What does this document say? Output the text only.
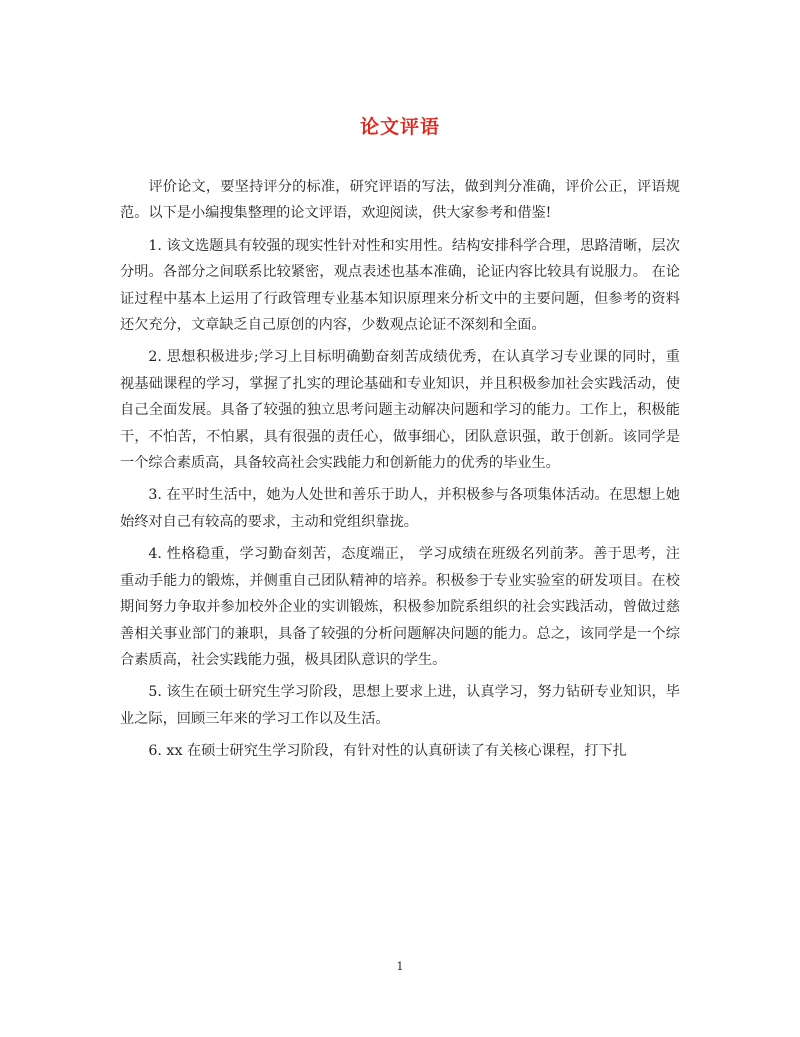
论文评语

评价论文，要坚持评分的标准，研究评语的写法，做到判分准确，评价公正，评语规范。以下是小编搜集整理的论文评语，欢迎阅读，供大家参考和借鉴!

1. 该文选题具有较强的现实性针对性和实用性。结构安排科学合理，思路清晰，层次分明。各部分之间联系比较紧密，观点表述也基本准确，论证内容比较具有说服力。 在论证过程中基本上运用了行政管理专业基本知识原理来分析文中的主要问题，但参考的资料还欠充分，文章缺乏自己原创的内容，少数观点论证不深刻和全面。

2. 思想积极进步;学习上目标明确勤奋刻苦成绩优秀，在认真学习专业课的同时，重视基础课程的学习，掌握了扎实的理论基础和专业知识，并且积极参加社会实践活动，使自己全面发展。具备了较强的独立思考问题主动解决问题和学习的能力。工作上，积极能干，不怕苦，不怕累，具有很强的责任心，做事细心，团队意识强，敢于创新。该同学是一个综合素质高，具备较高社会实践能力和创新能力的优秀的毕业生。

3. 在平时生活中，她为人处世和善乐于助人，并积极参与各项集体活动。在思想上她始终对自己有较高的要求，主动和党组织靠拢。

4. 性格稳重，学习勤奋刻苦，态度端正， 学习成绩在班级名列前茅。善于思考，注重动手能力的锻炼，并侧重自己团队精神的培养。积极参于专业实验室的研发项目。在校期间努力争取并参加校外企业的实训锻炼，积极参加院系组织的社会实践活动，曾做过慈善相关事业部门的兼职，具备了较强的分析问题解决问题的能力。总之，该同学是一个综合素质高，社会实践能力强，极具团队意识的学生。

5. 该生在硕士研究生学习阶段，思想上要求上进，认真学习，努力钻研专业知识，毕业之际，回顾三年来的学习工作以及生活。

6. xx 在硕士研究生学习阶段，有针对性的认真研读了有关核心课程，打下扎

1
